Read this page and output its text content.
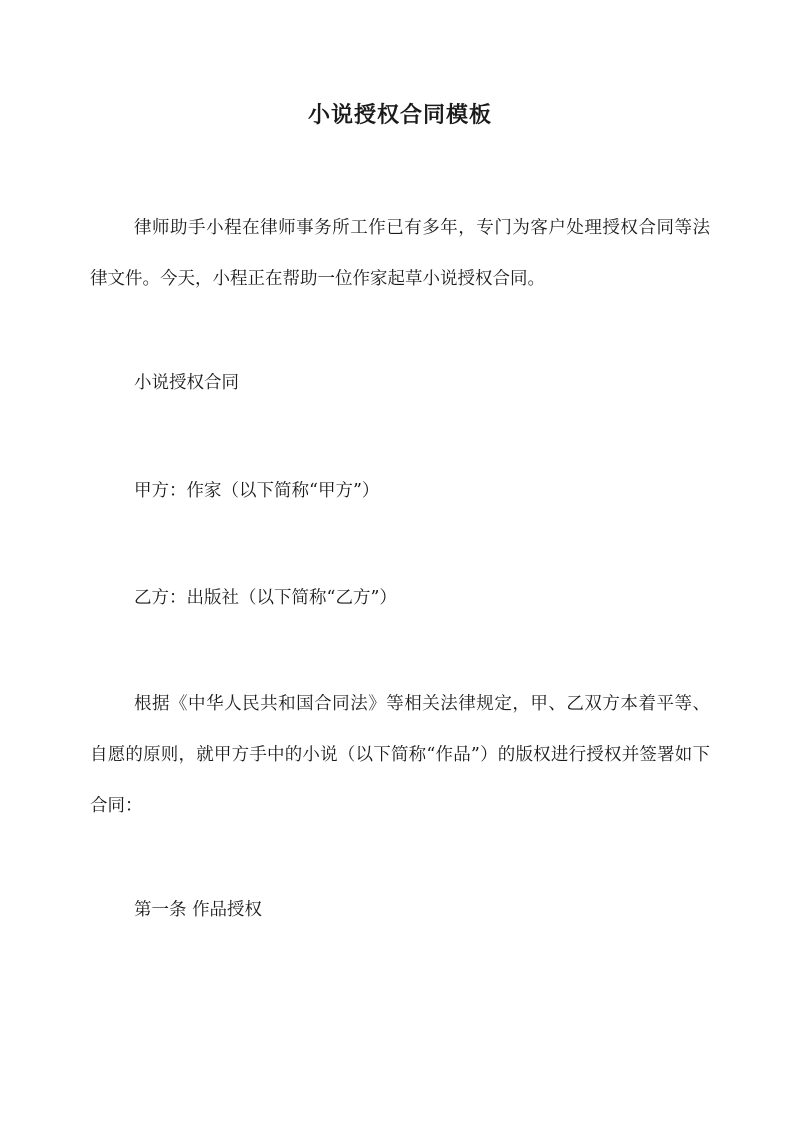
小说授权合同模板

律师助手小程在律师事务所工作已有多年，专门为客户处理授权合同等法律文件。今天，小程正在帮助一位作家起草小说授权合同。

小说授权合同

甲方：作家（以下简称“甲方”）

乙方：出版社（以下简称“乙方”）

根据《中华人民共和国合同法》等相关法律规定，甲、乙双方本着平等、自愿的原则，就甲方手中的小说（以下简称“作品”）的版权进行授权并签署如下合同：

第一条 作品授权
